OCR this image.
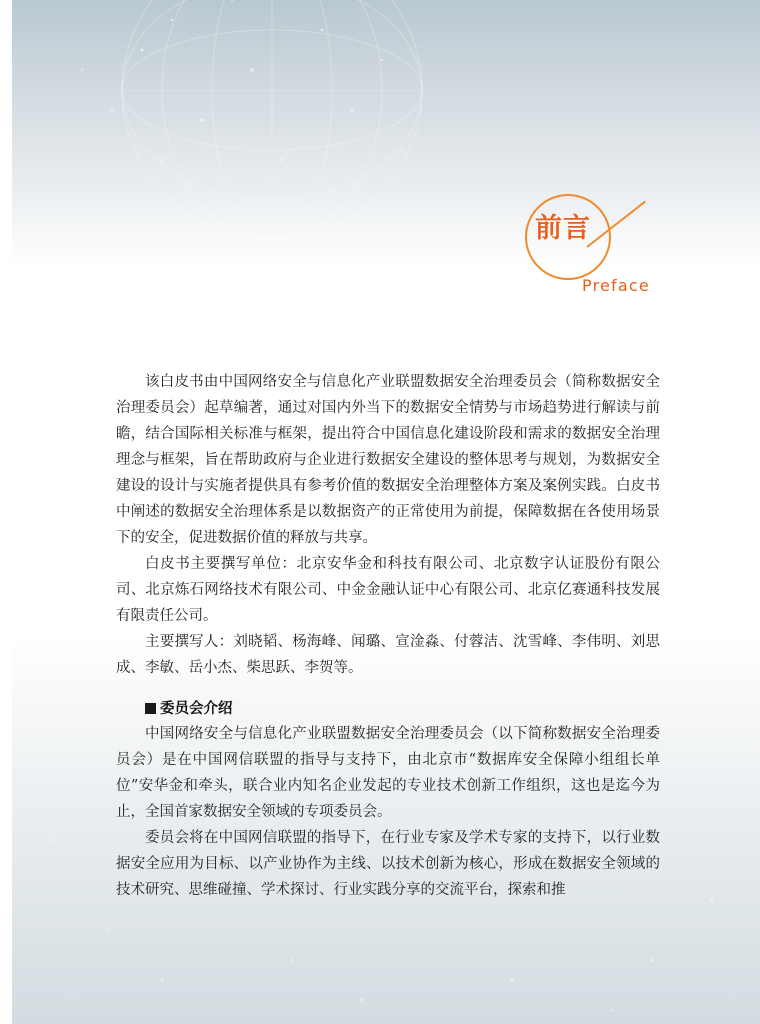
前言
Preface

该白皮书由中国网络安全与信息化产业联盟数据安全治理委员会（简称数据安全治理委员会）起草编著，通过对国内外当下的数据安全情势与市场趋势进行解读与前瞻，结合国际相关标准与框架，提出符合中国信息化建设阶段和需求的数据安全治理理念与框架，旨在帮助政府与企业进行数据安全建设的整体思考与规划，为数据安全建设的设计与实施者提供具有参考价值的数据安全治理整体方案及案例实践。白皮书中阐述的数据安全治理体系是以数据资产的正常使用为前提，保障数据在各使用场景下的安全，促进数据价值的释放与共享。

白皮书主要撰写单位：北京安华金和科技有限公司、北京数字认证股份有限公司、北京炼石网络技术有限公司、中金金融认证中心有限公司、北京亿赛通科技发展有限责任公司。

主要撰写人：刘晓韬、杨海峰、闻璐、宣淦淼、付蓉洁、沈雪峰、李伟明、刘思成、李敏、岳小杰、柴思跃、李贺等。

委员会介绍

中国网络安全与信息化产业联盟数据安全治理委员会（以下简称数据安全治理委员会）是在中国网信联盟的指导与支持下，由北京市“数据库安全保障小组组长单位”安华金和牵头，联合业内知名企业发起的专业技术创新工作组织，这也是迄今为止，全国首家数据安全领域的专项委员会。

委员会将在中国网信联盟的指导下，在行业专家及学术专家的支持下，以行业数据安全应用为目标、以产业协作为主线、以技术创新为核心，形成在数据安全领域的技术研究、思维碰撞、学术探讨、行业实践分享的交流平台，探索和推
